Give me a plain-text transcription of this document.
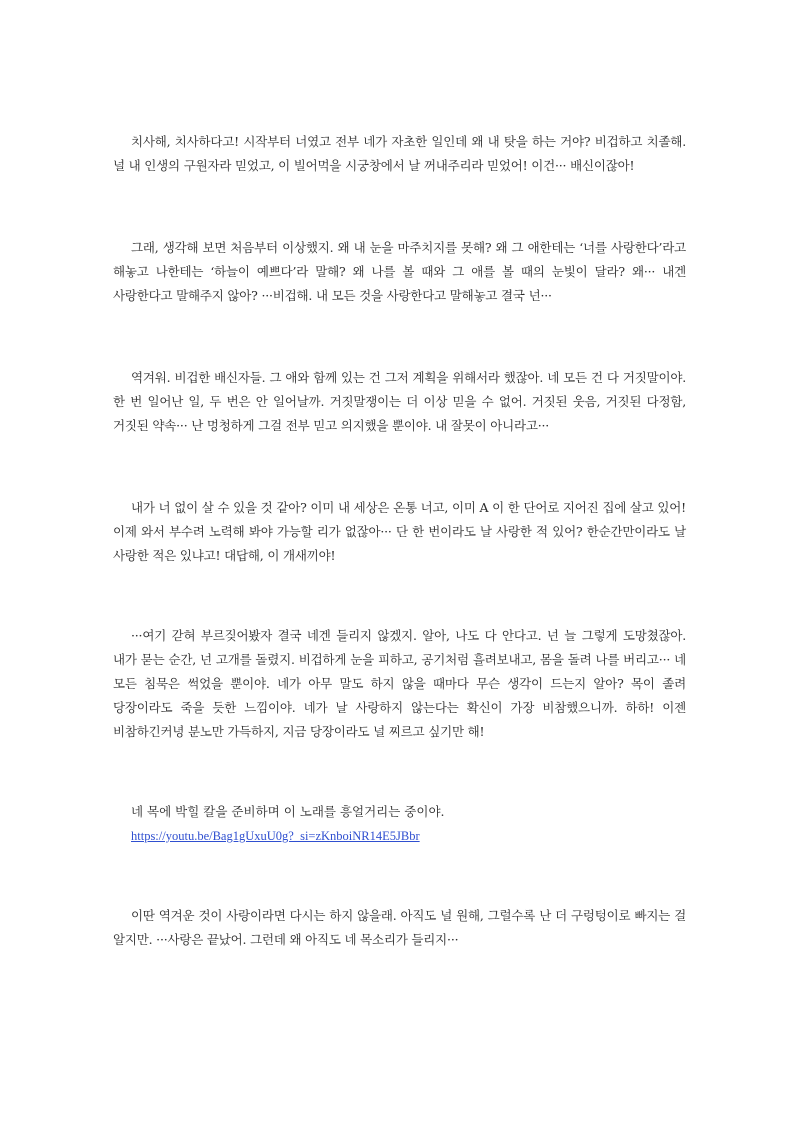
치사해, 치사하다고! 시작부터 너였고 전부 네가 자초한 일인데 왜 내 탓을 하는 거야? 비겁하고 치졸해. 널 내 인생의 구원자라 믿었고, 이 빌어먹을 시궁창에서 날 꺼내주리라 믿었어! 이건··· 배신이잖아!

그래, 생각해 보면 처음부터 이상했지. 왜 내 눈을 마주치지를 못해? 왜 그 애한테는 ‘너를 사랑한다’라고 해놓고 나한테는 ‘하늘이 예쁘다’라 말해? 왜 나를 볼 때와 그 애를 볼 때의 눈빛이 달라? 왜··· 내겐 사랑한다고 말해주지 않아? ···비겁해. 내 모든 것을 사랑한다고 말해놓고 결국 넌···

역겨워. 비겁한 배신자들. 그 애와 함께 있는 건 그저 계획을 위해서라 했잖아. 네 모든 건 다 거짓말이야. 한 번 일어난 일, 두 번은 안 일어날까. 거짓말쟁이는 더 이상 믿을 수 없어. 거짓된 웃음, 거짓된 다정함, 거짓된 약속··· 난 멍청하게 그걸 전부 믿고 의지했을 뿐이야. 내 잘못이 아니라고···

내가 너 없이 살 수 있을 것 같아? 이미 내 세상은 온통 너고, 이미 A 이 한 단어로 지어진 집에 살고 있어! 이제 와서 부수려 노력해 봐야 가능할 리가 없잖아··· 단 한 번이라도 날 사랑한 적 있어? 한순간만이라도 날 사랑한 적은 있냐고! 대답해, 이 개새끼야!

···여기 갇혀 부르짖어봤자 결국 네겐 들리지 않겠지. 알아, 나도 다 안다고. 넌 늘 그렇게 도망쳤잖아. 내가 묻는 순간, 넌 고개를 돌렸지. 비겁하게 눈을 피하고, 공기처럼 흘려보내고, 몸을 돌려 나를 버리고··· 네 모든 침묵은 썩었을 뿐이야. 네가 아무 말도 하지 않을 때마다 무슨 생각이 드는지 알아? 목이 졸려 당장이라도 죽을 듯한 느낌이야. 네가 날 사랑하지 않는다는 확신이 가장 비참했으니까. 하하! 이젠 비참하긴커녕 분노만 가득하지, 지금 당장이라도 널 찌르고 싶기만 해!

네 목에 박힐 칼을 준비하며 이 노래를 흥얼거리는 중이야.
https://youtu.be/Bag1gUxuU0g?_si=zKnboiNR14E5JBbr

이딴 역겨운 것이 사랑이라면 다시는 하지 않을래. 아직도 널 원해, 그럴수록 난 더 구렁텅이로 빠지는 걸 알지만. ···사랑은 끝났어. 그런데 왜 아직도 네 목소리가 들리지···
